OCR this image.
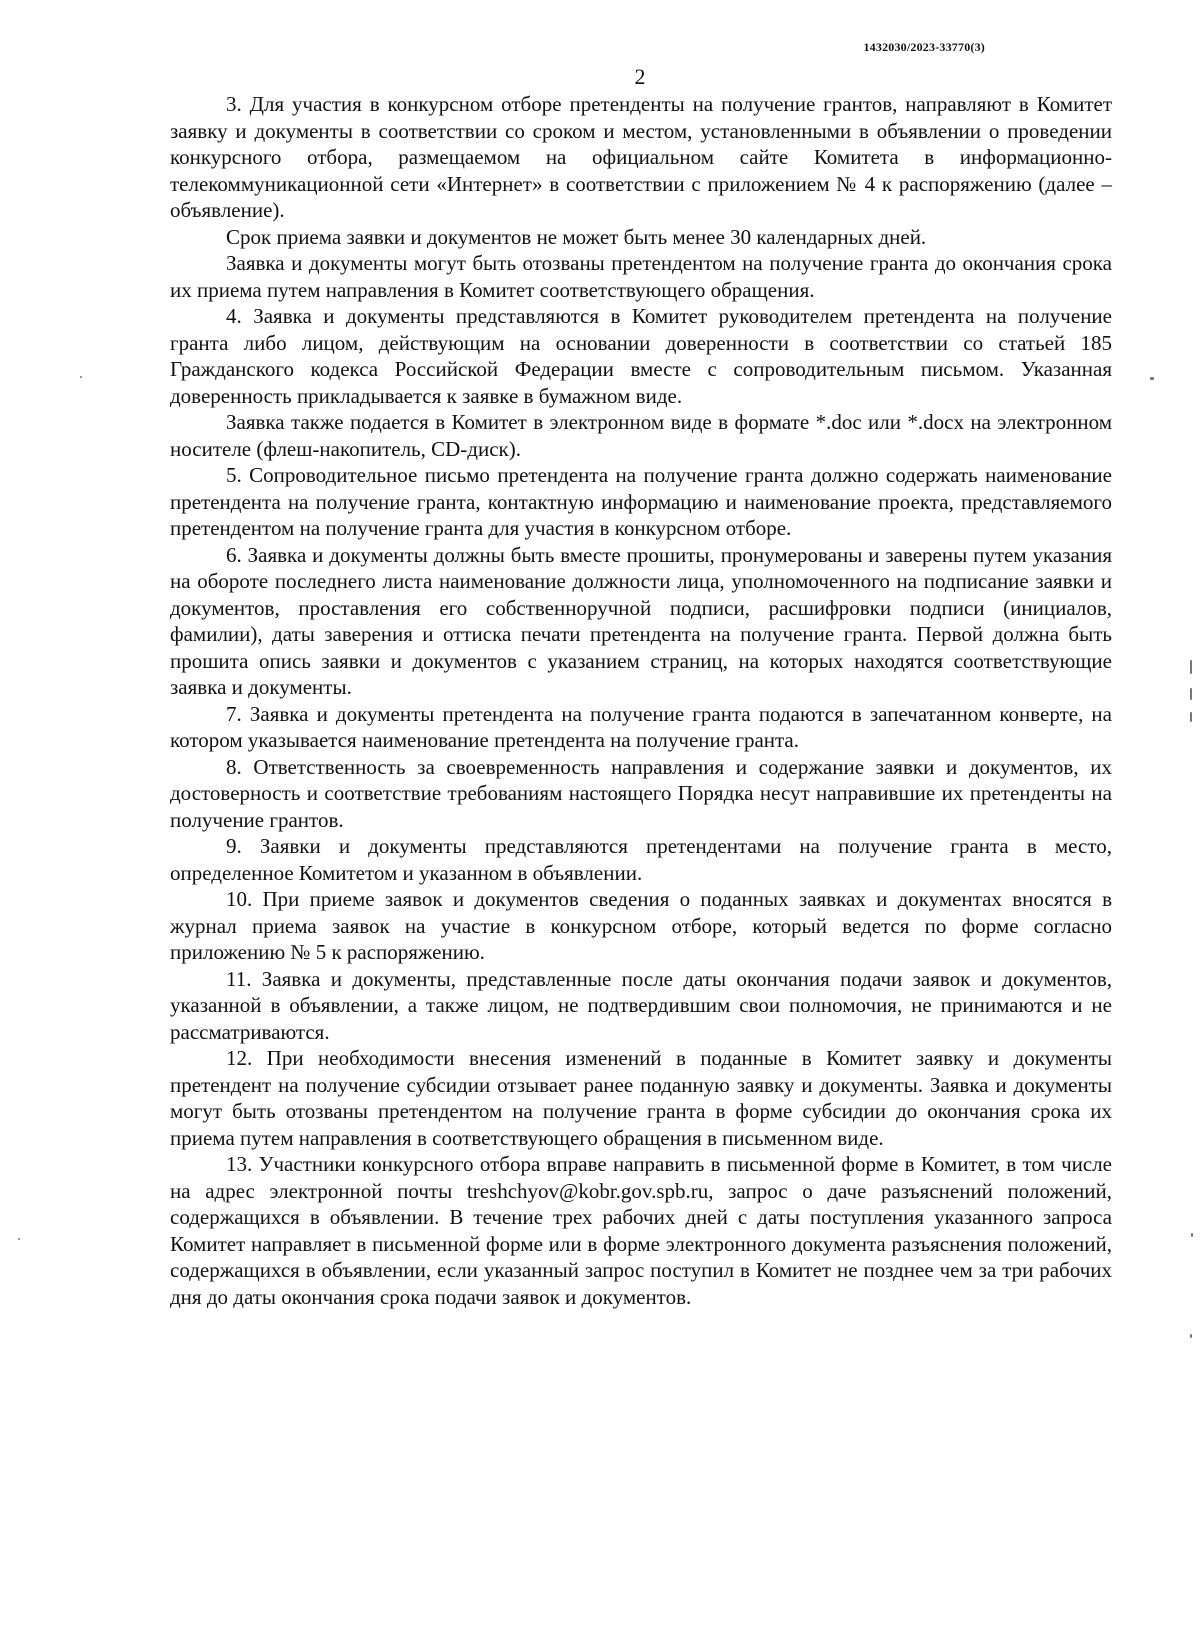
1432030/2023-33770(3)
2

3. Для участия в конкурсном отборе претенденты на получение грантов, направляют в Комитет заявку и документы в соответствии со сроком и местом, установленными в объявлении о проведении конкурсного отбора, размещаемом на официальном сайте Комитета в информационно-телекоммуникационной сети «Интернет» в соответствии с приложением № 4 к распоряжению (далее – объявление).

Срок приема заявки и документов не может быть менее 30 календарных дней.

Заявка и документы могут быть отозваны претендентом на получение гранта до окончания срока их приема путем направления в Комитет соответствующего обращения.

4. Заявка и документы представляются в Комитет руководителем претендента на получение гранта либо лицом, действующим на основании доверенности в соответствии со статьей 185 Гражданского кодекса Российской Федерации вместе с сопроводительным письмом. Указанная доверенность прикладывается к заявке в бумажном виде.

Заявка также подается в Комитет в электронном виде в формате *.doc или *.docx на электронном носителе (флеш-накопитель, CD-диск).

5. Сопроводительное письмо претендента на получение гранта должно содержать наименование претендента на получение гранта, контактную информацию и наименование проекта, представляемого претендентом на получение гранта для участия в конкурсном отборе.

6. Заявка и документы должны быть вместе прошиты, пронумерованы и заверены путем указания на обороте последнего листа наименование должности лица, уполномоченного на подписание заявки и документов, проставления его собственноручной подписи, расшифровки подписи (инициалов, фамилии), даты заверения и оттиска печати претендента на получение гранта. Первой должна быть прошита опись заявки и документов с указанием страниц, на которых находятся соответствующие заявка и документы.

7. Заявка и документы претендента на получение гранта подаются в запечатанном конверте, на котором указывается наименование претендента на получение гранта.

8. Ответственность за своевременность направления и содержание заявки и документов, их достоверность и соответствие требованиям настоящего Порядка несут направившие их претенденты на получение грантов.

9. Заявки и документы представляются претендентами на получение гранта в место, определенное Комитетом и указанном в объявлении.

10. При приеме заявок и документов сведения о поданных заявках и документах вносятся в журнал приема заявок на участие в конкурсном отборе, который ведется по форме согласно приложению № 5 к распоряжению.

11. Заявка и документы, представленные после даты окончания подачи заявок и документов, указанной в объявлении, а также лицом, не подтвердившим свои полномочия, не принимаются и не рассматриваются.

12. При необходимости внесения изменений в поданные в Комитет заявку и документы претендент на получение субсидии отзывает ранее поданную заявку и документы. Заявка и документы могут быть отозваны претендентом на получение гранта в форме субсидии до окончания срока их приема путем направления в соответствующего обращения в письменном виде.

13. Участники конкурсного отбора вправе направить в письменной форме в Комитет, в том числе на адрес электронной почты treshchyov@kobr.gov.spb.ru, запрос о даче разъяснений положений, содержащихся в объявлении. В течение трех рабочих дней с даты поступления указанного запроса Комитет направляет в письменной форме или в форме электронного документа разъяснения положений, содержащихся в объявлении, если указанный запрос поступил в Комитет не позднее чем за три рабочих дня до даты окончания срока подачи заявок и документов.
